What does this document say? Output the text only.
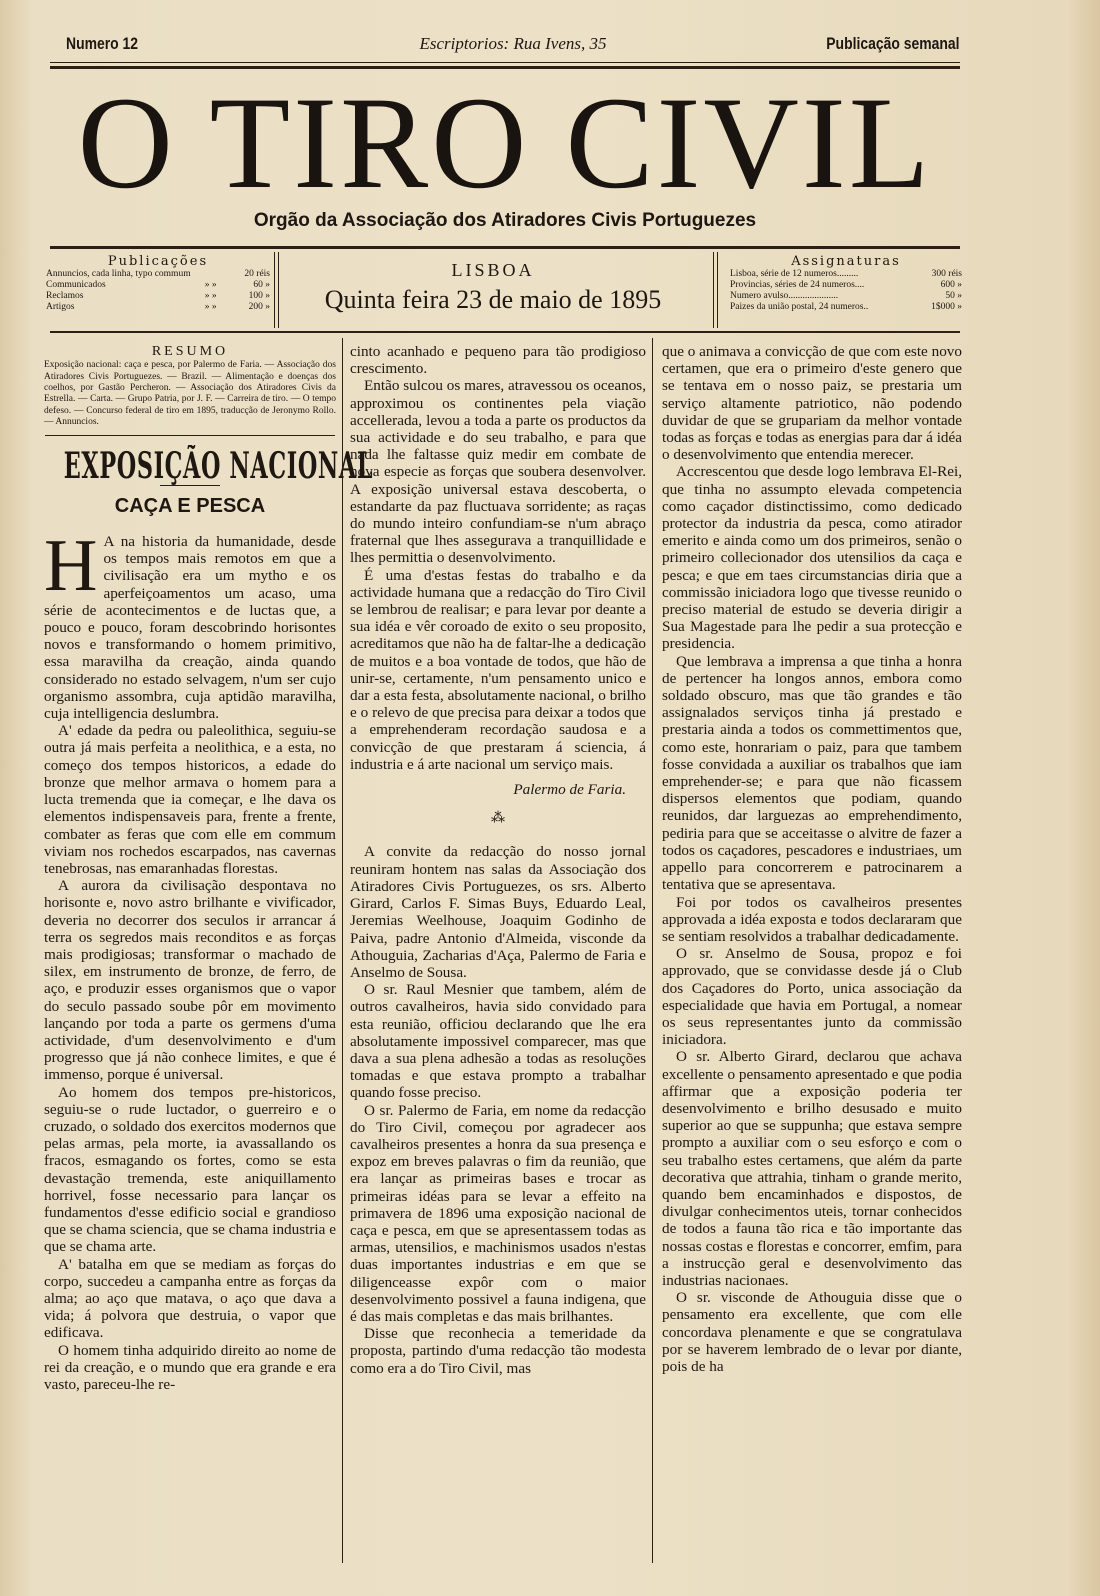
Numero 12	Escriptorios: Rua Ivens, 35	Publicação semanal
O TIRO CIVIL
Orgão da Associação dos Atiradores Civis Portuguezes
Publicações
Annuncios, cada linha, typo commum		20 réis
Communicados	» »	60 »
Reclamos	» »	100 »
Artigos	» »	200 »
LISBOA
Quinta feira 23 de maio de 1895
Assignaturas
Lisboa, série de 12 numeros.........	300 réis
Provincias, séries de 24 numeros....	600 »
Numero avulso.....................	50 »
Paizes da união postal, 24 numeros..	1$000 »
RESUMO

Exposição nacional: caça e pesca, por Palermo de Faria. — Associação dos Atiradores Civis Portuguezes. — Brazil. — Alimentação e doenças dos coelhos, por Gastão Percheron. — Associação dos Atiradores Civis da Estrella. — Carta. — Grupo Patria, por J. F. — Carreira de tiro. — O tempo defeso. — Concurso federal de tiro em 1895, traducção de Jeronymo Rollo. — Annuncios.

EXPOSIÇÃO NACIONAL
CAÇA E PESCA

H A na historia da humanidade, desde os tempos mais remotos em que a civilisação era um mytho e os aperfeiçoamentos um acaso, uma série de acontecimentos e de luctas que, a pouco e pouco, foram descobrindo horisontes novos e transformando o homem primitivo, essa maravilha da creação, ainda quando considerado no estado selvagem, n'um ser cujo organismo assombra, cuja aptidão maravilha, cuja intelligencia deslumbra.

A' edade da pedra ou paleolithica, seguiu-se outra já mais perfeita a neolithica, e a esta, no começo dos tempos historicos, a edade do bronze que melhor armava o homem para a lucta tremenda que ia começar, e lhe dava os elementos indispensaveis para, frente a frente, combater as feras que com elle em commum viviam nos rochedos escarpados, nas cavernas tenebrosas, nas emaranhadas florestas.

A aurora da civilisação despontava no horisonte e, novo astro brilhante e vivificador, deveria no decorrer dos seculos ir arrancar á terra os segredos mais reconditos e as forças mais prodigiosas; transformar o machado de silex, em instrumento de bronze, de ferro, de aço, e produzir esses organismos que o vapor do seculo passado soube pôr em movimento lançando por toda a parte os germens d'uma actividade, d'um desenvolvimento e d'um progresso que já não conhece limites, e que é immenso, porque é universal.

Ao homem dos tempos pre-historicos, seguiu-se o rude luctador, o guerreiro e o cruzado, o soldado dos exercitos modernos que pelas armas, pela morte, ia avassallando os fracos, esmagando os fortes, como se esta devastação tremenda, este aniquillamento horrivel, fosse necessario para lançar os fundamentos d'esse edificio social e grandioso que se chama sciencia, que se chama industria e que se chama arte.

A' batalha em que se mediam as forças do corpo, succedeu a campanha entre as forças da alma; ao aço que matava, o aço que dava a vida; á polvora que destruia, o vapor que edificava.

O homem tinha adquirido direito ao nome de rei da creação, e o mundo que era grande e era vasto, pareceu-lhe re-

cinto acanhado e pequeno para tão prodigioso crescimento.

Então sulcou os mares, atravessou os oceanos, approximou os continentes pela viação accellerada, levou a toda a parte os productos da sua actividade e do seu trabalho, e para que nada lhe faltasse quiz medir em combate de nova especie as forças que soubera desenvolver. A exposição universal estava descoberta, o estandarte da paz fluctuava sorridente; as raças do mundo inteiro confundiam-se n'um abraço fraternal que lhes assegurava a tranquillidade e lhes permittia o desenvolvimento.

É uma d'estas festas do trabalho e da actividade humana que a redacção do Tiro Civil se lembrou de realisar; e para levar por deante a sua idéa e vêr coroado de exito o seu proposito, acreditamos que não ha de faltar-lhe a dedicação de muitos e a boa vontade de todos, que hão de unir-se, certamente, n'um pensamento unico e dar a esta festa, absolutamente nacional, o brilho e o relevo de que precisa para deixar a todos que a emprehenderam recordação saudosa e a convicção de que prestaram á sciencia, á industria e á arte nacional um serviço mais.

Palermo de Faria.

⁂

A convite da redacção do nosso jornal reuniram hontem nas salas da Associação dos Atiradores Civis Portuguezes, os srs. Alberto Girard, Carlos F. Simas Buys, Eduardo Leal, Jeremias Weelhouse, Joaquim Godinho de Paiva, padre Antonio d'Almeida, visconde da Athouguia, Zacharias d'Aça, Palermo de Faria e Anselmo de Sousa.

O sr. Raul Mesnier que tambem, além de outros cavalheiros, havia sido convidado para esta reunião, officiou declarando que lhe era absolutamente impossivel comparecer, mas que dava a sua plena adhesão a todas as resoluções tomadas e que estava prompto a trabalhar quando fosse preciso.

O sr. Palermo de Faria, em nome da redacção do Tiro Civil, começou por agradecer aos cavalheiros presentes a honra da sua presença e expoz em breves palavras o fim da reunião, que era lançar as primeiras bases e trocar as primeiras idéas para se levar a effeito na primavera de 1896 uma exposição nacional de caça e pesca, em que se apresentassem todas as armas, utensilios, e machinismos usados n'estas duas importantes industrias e em que se diligenceasse expôr com o maior desenvolvimento possivel a fauna indigena, que é das mais completas e das mais brilhantes.

Disse que reconhecia a temeridade da proposta, partindo d'uma redacção tão modesta como era a do Tiro Civil, mas

que o animava a convicção de que com este novo certamen, que era o primeiro d'este genero que se tentava em o nosso paiz, se prestaria um serviço altamente patriotico, não podendo duvidar de que se grupariam da melhor vontade todas as forças e todas as energias para dar á idéa o desenvolvimento que entendia merecer.

Accrescentou que desde logo lembrava El-Rei, que tinha no assumpto elevada competencia como caçador distinctissimo, como dedicado protector da industria da pesca, como atirador emerito e ainda como um dos primeiros, senão o primeiro collecionador dos utensilios da caça e pesca; e que em taes circumstancias diria que a commissão iniciadora logo que tivesse reunido o preciso material de estudo se deveria dirigir a Sua Magestade para lhe pedir a sua protecção e presidencia.

Que lembrava a imprensa a que tinha a honra de pertencer ha longos annos, embora como soldado obscuro, mas que tão grandes e tão assignalados serviços tinha já prestado e prestaria ainda a todos os commettimentos que, como este, honrariam o paiz, para que tambem fosse convidada a auxiliar os trabalhos que iam emprehender-se; e para que não ficassem dispersos elementos que podiam, quando reunidos, dar larguezas ao emprehendimento, pediria para que se acceitasse o alvitre de fazer a todos os caçadores, pescadores e industriaes, um appello para concorrerem e patrocinarem a tentativa que se apresentava.

Foi por todos os cavalheiros presentes approvada a idéa exposta e todos declararam que se sentiam resolvidos a trabalhar dedicadamente.

O sr. Anselmo de Sousa, propoz e foi approvado, que se convidasse desde já o Club dos Caçadores do Porto, unica associação da especialidade que havia em Portugal, a nomear os seus representantes junto da commissão iniciadora.

O sr. Alberto Girard, declarou que achava excellente o pensamento apresentado e que podia affirmar que a exposição poderia ter desenvolvimento e brilho desusado e muito superior ao que se suppunha; que estava sempre prompto a auxiliar com o seu esforço e com o seu trabalho estes certamens, que além da parte decorativa que attrahia, tinham o grande merito, quando bem encaminhados e dispostos, de divulgar conhecimentos uteis, tornar conhecidos de todos a fauna tão rica e tão importante das nossas costas e florestas e concorrer, emfim, para a instrucção geral e desenvolvimento das industrias nacionaes.

O sr. visconde de Athouguia disse que o pensamento era excellente, que com elle concordava plenamente e que se congratulava por se haverem lembrado de o levar por diante, pois de ha
